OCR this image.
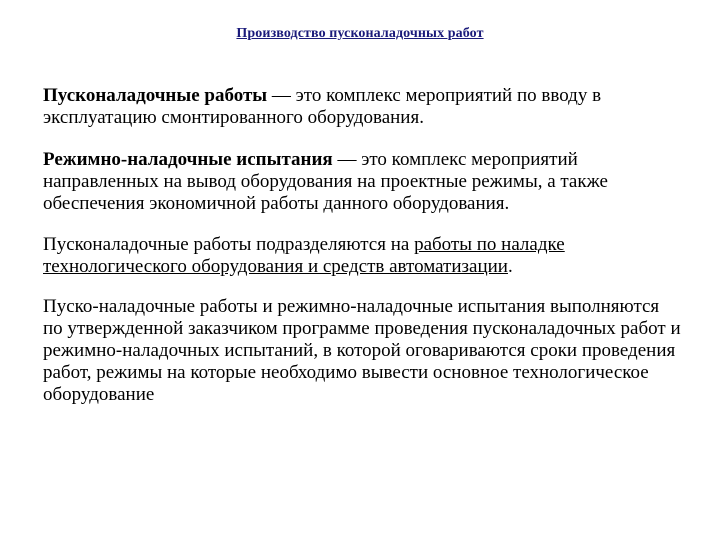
Производство пусконаладочных работ

Пусконаладочные работы — это комплекс мероприятий по вводу в эксплуатацию смонтированного оборудования.

Режимно-наладочные испытания — это комплекс мероприятий направленных на вывод оборудования на проектные режимы, а также обеспечения экономичной работы данного оборудования.

Пусконаладочные работы подразделяются на работы по наладке технологического оборудования и средств автоматизации.

Пуско-наладочные работы и режимно-наладочные испытания выполняются по утвержденной заказчиком программе проведения пусконаладочных работ и режимно-наладочных испытаний, в которой оговариваются сроки проведения работ, режимы на которые необходимо вывести основное технологическое оборудование
